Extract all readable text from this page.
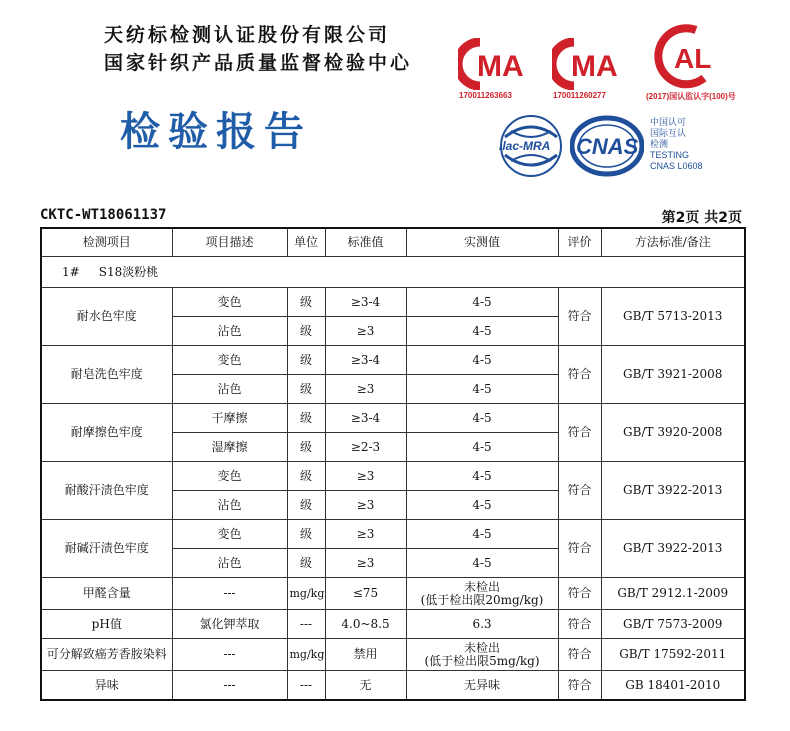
天纺标检测认证股份有限公司
国家针织产品质量监督检验中心
检验报告
MA
170011263663
MA
170011260277
AL
(2017)国认监认字(100)号
ilac-MRA CNAS
中国认可
国际互认
检测
TESTING
CNAS L0608
CKTC-WT18061137	第2页 共2页
检测项目	项目描述	单位	标准值	实测值	评价	方法标准/备注
1#     S18淡粉桃						
耐水色牢度	变色	级	≥3-4	4-5	符合	GB/T 5713-2013
	沾色	级	≥3	4-5		
耐皂洗色牢度	变色	级	≥3-4	4-5	符合	GB/T 3921-2008
	沾色	级	≥3	4-5		
耐摩擦色牢度	干摩擦	级	≥3-4	4-5	符合	GB/T 3920-2008
	湿摩擦	级	≥2-3	4-5		
耐酸汗渍色牢度	变色	级	≥3	4-5	符合	GB/T 3922-2013
	沾色	级	≥3	4-5		
耐碱汗渍色牢度	变色	级	≥3	4-5	符合	GB/T 3922-2013
	沾色	级	≥3	4-5		
甲醛含量	---	mg/kg	≤75	未检出
(低于检出限20mg/kg)	符合	GB/T 2912.1-2009
pH值	氯化钾萃取	---	4.0~8.5	6.3	符合	GB/T 7573-2009
可分解致癌芳香胺染料	---	mg/kg	禁用	未检出
(低于检出限5mg/kg)	符合	GB/T 17592-2011
异味	---	---	无	无异味	符合	GB 18401-2010
